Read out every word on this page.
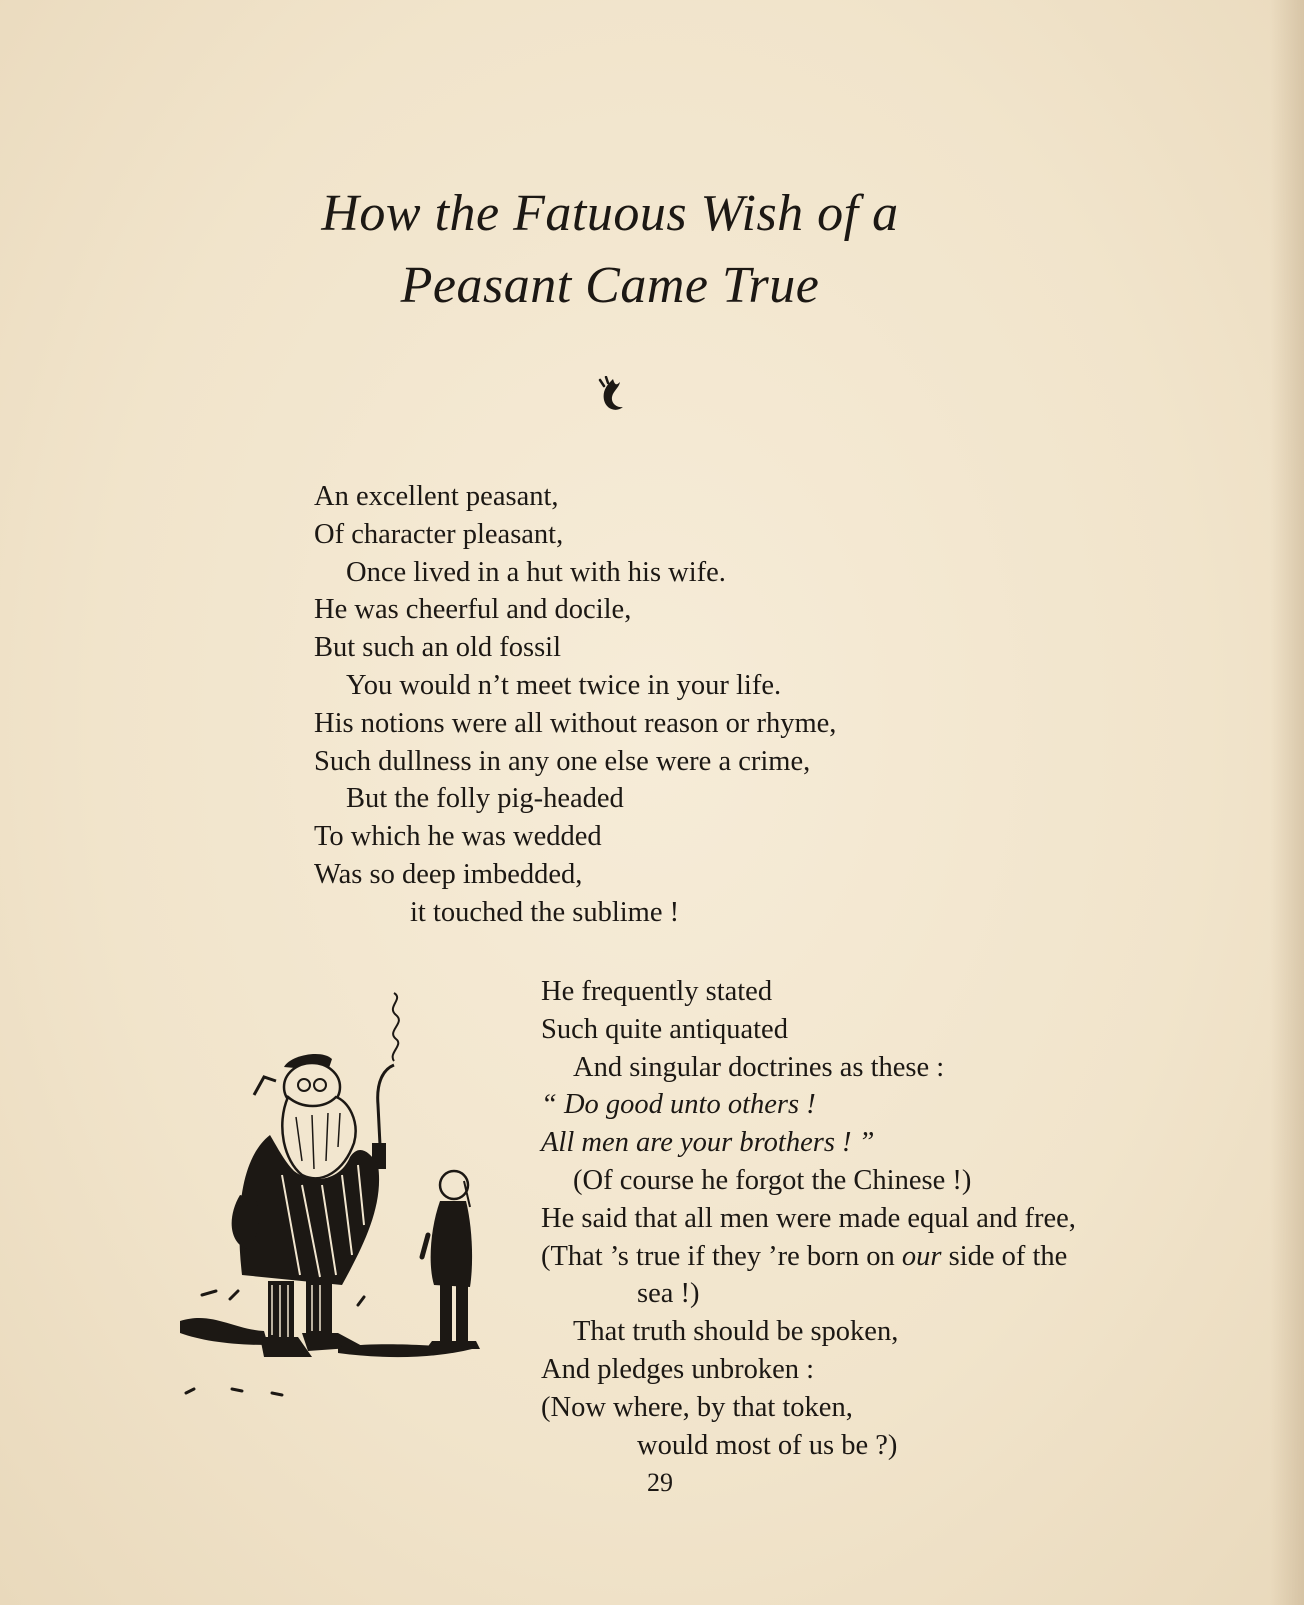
How the Fatuous Wish of a
Peasant Came True
An excellent peasant,
Of character pleasant,
Once lived in a hut with his wife.
He was cheerful and docile,
But such an old fossil
You would n’t meet twice in your life.
His notions were all without reason or rhyme,
Such dullness in any one else were a crime,
But the folly pig-headed
To which he was wedded
Was so deep imbedded,
it touched the sublime !
He frequently stated
Such quite antiquated
And singular doctrines as these :
“ Do good unto others !
All men are your brothers ! ”
(Of course he forgot the Chinese !)
He said that all men were made equal and free,
(That ’s true if they ’re born on our side of the
sea !)
That truth should be spoken,
And pledges unbroken :
(Now where, by that token,
would most of us be ?)
29
